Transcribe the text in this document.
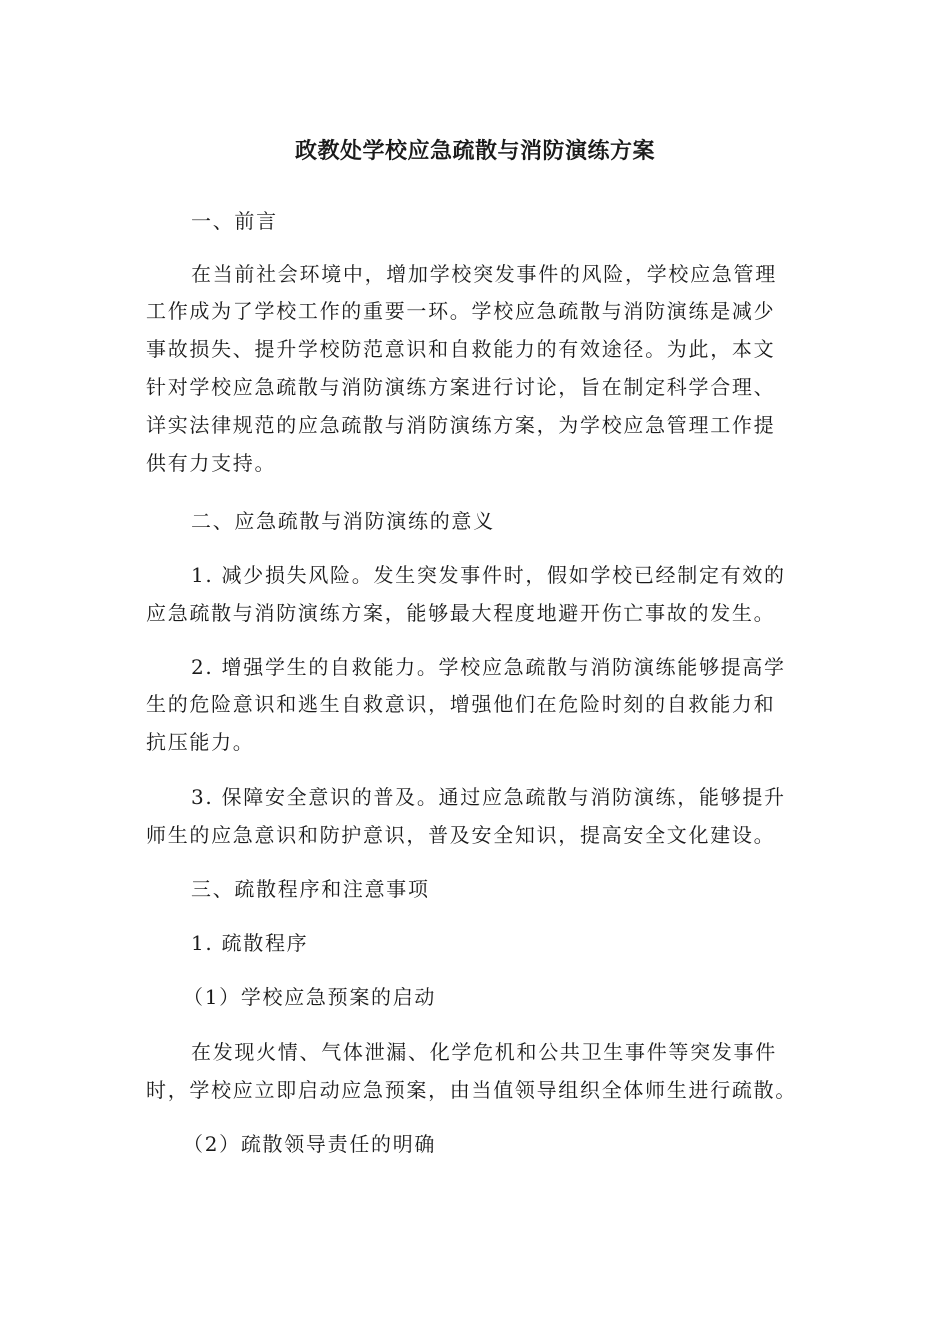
政教处学校应急疏散与消防演练方案
一、前言
在当前社会环境中，增加学校突发事件的风险，学校应急管理
工作成为了学校工作的重要一环。学校应急疏散与消防演练是减少
事故损失、提升学校防范意识和自救能力的有效途径。为此，本文
针对学校应急疏散与消防演练方案进行讨论，旨在制定科学合理、
详实法律规范的应急疏散与消防演练方案，为学校应急管理工作提
供有力支持。
二、应急疏散与消防演练的意义
1. 减少损失风险。发生突发事件时，假如学校已经制定有效的
应急疏散与消防演练方案，能够最大程度地避开伤亡事故的发生。
2. 增强学生的自救能力。学校应急疏散与消防演练能够提高学
生的危险意识和逃生自救意识，增强他们在危险时刻的自救能力和
抗压能力。
3. 保障安全意识的普及。通过应急疏散与消防演练，能够提升
师生的应急意识和防护意识，普及安全知识，提高安全文化建设。
三、疏散程序和注意事项
1. 疏散程序
（1）学校应急预案的启动
在发现火情、气体泄漏、化学危机和公共卫生事件等突发事件
时，学校应立即启动应急预案，由当值领导组织全体师生进行疏散。
（2）疏散领导责任的明确
